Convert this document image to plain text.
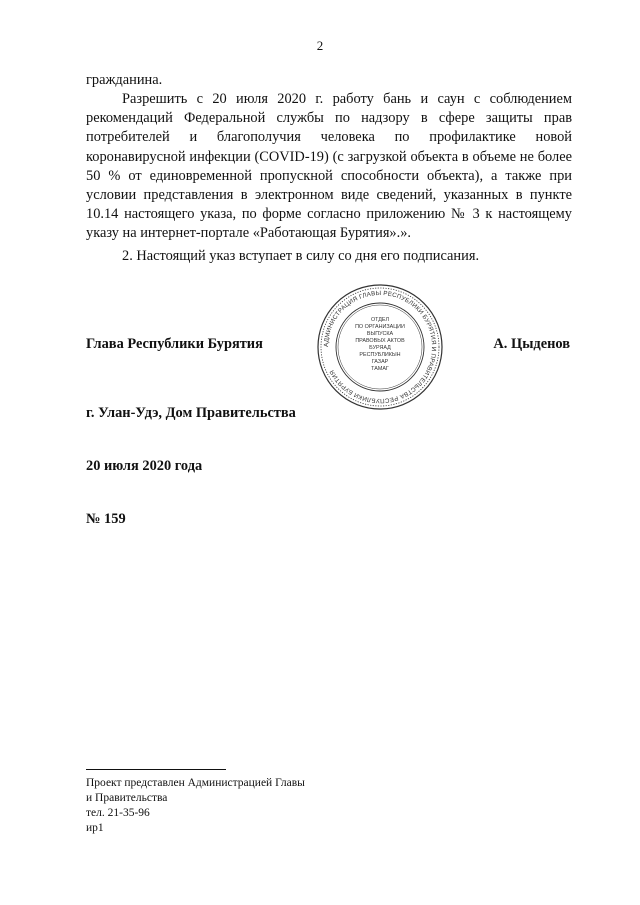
2

гражданина.

Разрешить с 20 июля 2020 г. работу бань и саун с соблюдением рекомендаций Федеральной службы по надзору в сфере защиты прав потребителей и благополучия человека по профилактике новой коронавирусной инфекции (COVID-19) (с загрузкой объекта в объеме не более 50 % от единовременной пропускной способности объекта), а также при условии представления в электронном виде сведений, указанных в пункте 10.14 настоящего указа, по форме согласно приложению № 3 к настоящему указу на интернет-портале «Работающая Бурятия».».

2. Настоящий указ вступает в силу со дня его подписания.

Глава Республики Бурятия	АДМИНИСТРАЦИЯ ГЛАВЫ РЕСПУБЛИКИ БУРЯТИЯ И ПРАВИТЕЛЬСТВА РЕСПУБЛИКИ БУРЯТИЯ
ОТДЕЛ
ПО ОРГАНИЗАЦИИ
ВЫПУСКА
ПРАВОВЫХ АКТОВ
БУРЯАД
РЕСПУБЛИКЫН
ГАЗАР
ТАМАГ
А. Цыденов
г. Улан-Удэ, Дом Правительства
20 июля 2020 года
№ 159
Проект представлен Администрацией Главы
и Правительства
тел. 21-35-96
ир1
